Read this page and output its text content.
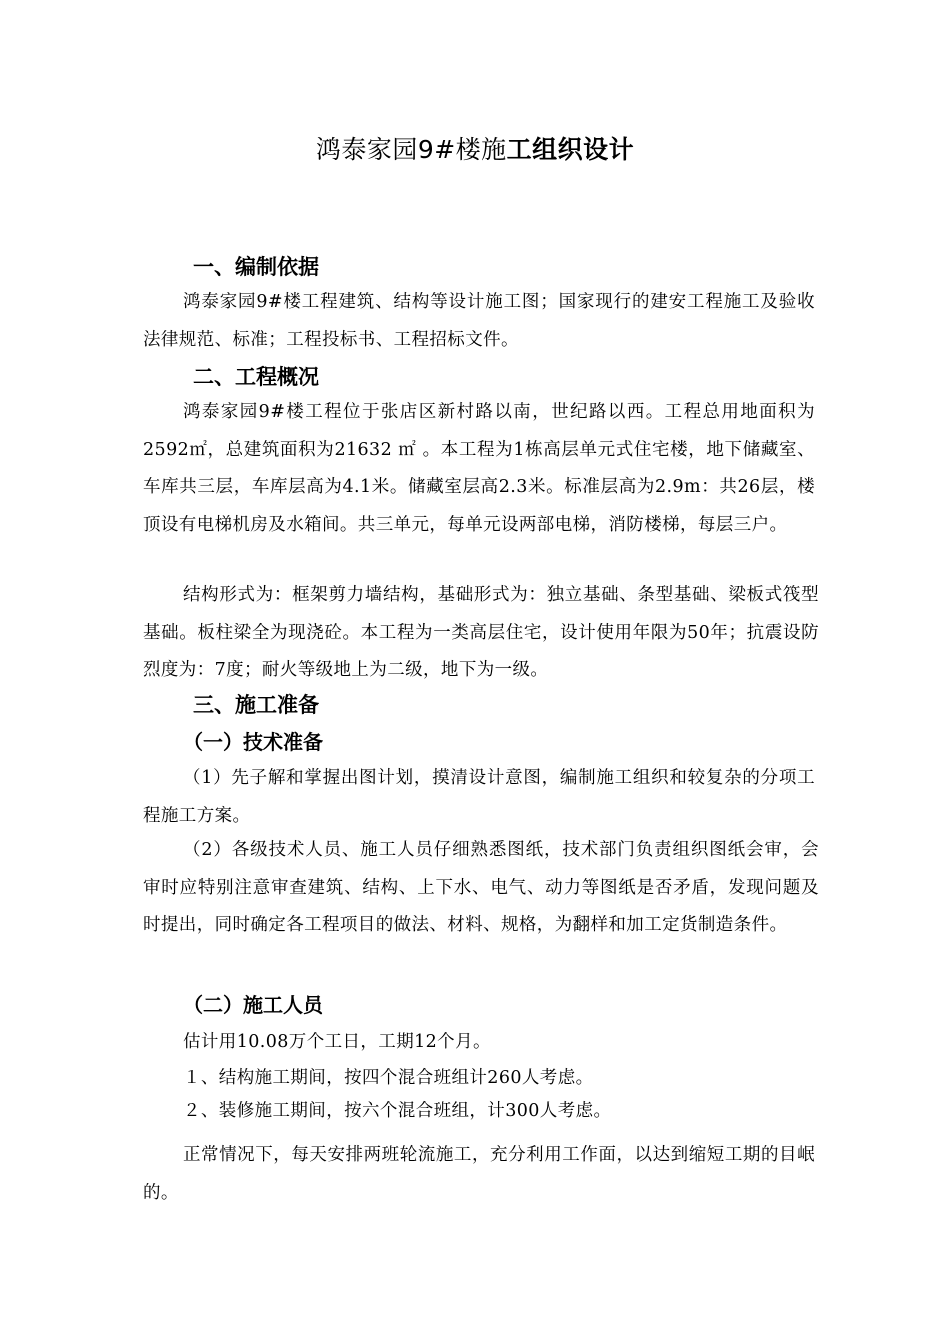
鸿泰家园9#楼施工组织设计
一、编制依据

鸿泰家园9#楼工程建筑、结构等设计施工图；国家现行的建安工程施工及验收法律规范、标准；工程投标书、工程招标文件。

二、工程概况

鸿泰家园9#楼工程位于张店区新村路以南，世纪路以西。工程总用地面积为2592㎡，总建筑面积为21632 ㎡ 。本工程为1栋高层单元式住宅楼，地下储藏室、车库共三层，车库层高为4.1米。储藏室层高2.3米。标准层高为2.9m：共26层，楼顶设有电梯机房及水箱间。共三单元，每单元设两部电梯，消防楼梯，每层三户。

结构形式为：框架剪力墙结构，基础形式为：独立基础、条型基础、梁板式筏型基础。板柱梁全为现浇砼。本工程为一类高层住宅，设计使用年限为50年；抗震设防烈度为：7度；耐火等级地上为二级，地下为一级。

三、施工准备
（一）技术准备

（1）先子解和掌握出图计划，摸清设计意图，编制施工组织和较复杂的分项工程施工方案。

（2）各级技术人员、施工人员仔细熟悉图纸，技术部门负责组织图纸会审，会审时应特别注意审查建筑、结构、上下水、电气、动力等图纸是否矛盾，发现问题及时提出，同时确定各工程项目的做法、材料、规格，为翻样和加工定货制造条件。

（二）施工人员
估计用10.08万个工日，工期12个月。
１、结构施工期间，按四个混合班组计260人考虑。
２、装修施工期间，按六个混合班组，计300人考虑。

正常情况下，每天安排两班轮流施工，充分利用工作面，以达到缩短工期的目岷的。
